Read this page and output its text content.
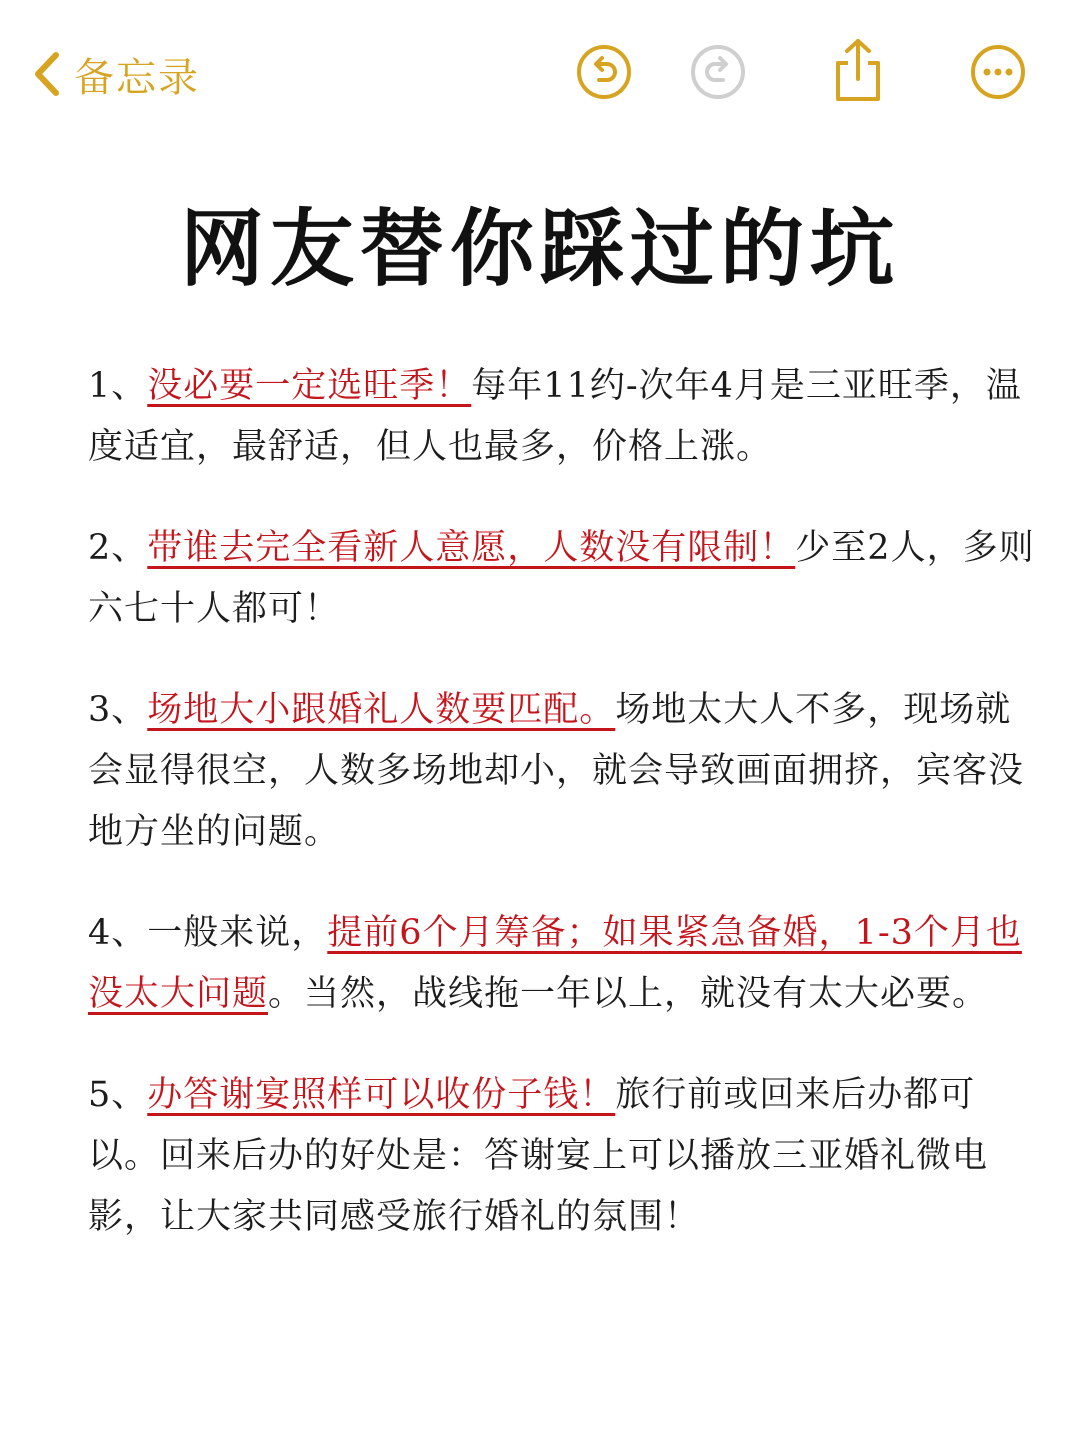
备忘录
网友替你踩过的坑

1、没必要一定选旺季！每年11约-次年4月是三亚旺季，温度适宜，最舒适，但人也最多，价格上涨。

2、带谁去完全看新人意愿，人数没有限制！少至2人，多则六七十人都可！

3、场地大小跟婚礼人数要匹配。场地太大人不多，现场就会显得很空，人数多场地却小，就会导致画面拥挤，宾客没地方坐的问题。

4、一般来说，提前6个月筹备；如果紧急备婚，1-3个月也没太大问题。当然，战线拖一年以上，就没有太大必要。

5、办答谢宴照样可以收份子钱！旅行前或回来后办都可以。回来后办的好处是：答谢宴上可以播放三亚婚礼微电影，让大家共同感受旅行婚礼的氛围！
